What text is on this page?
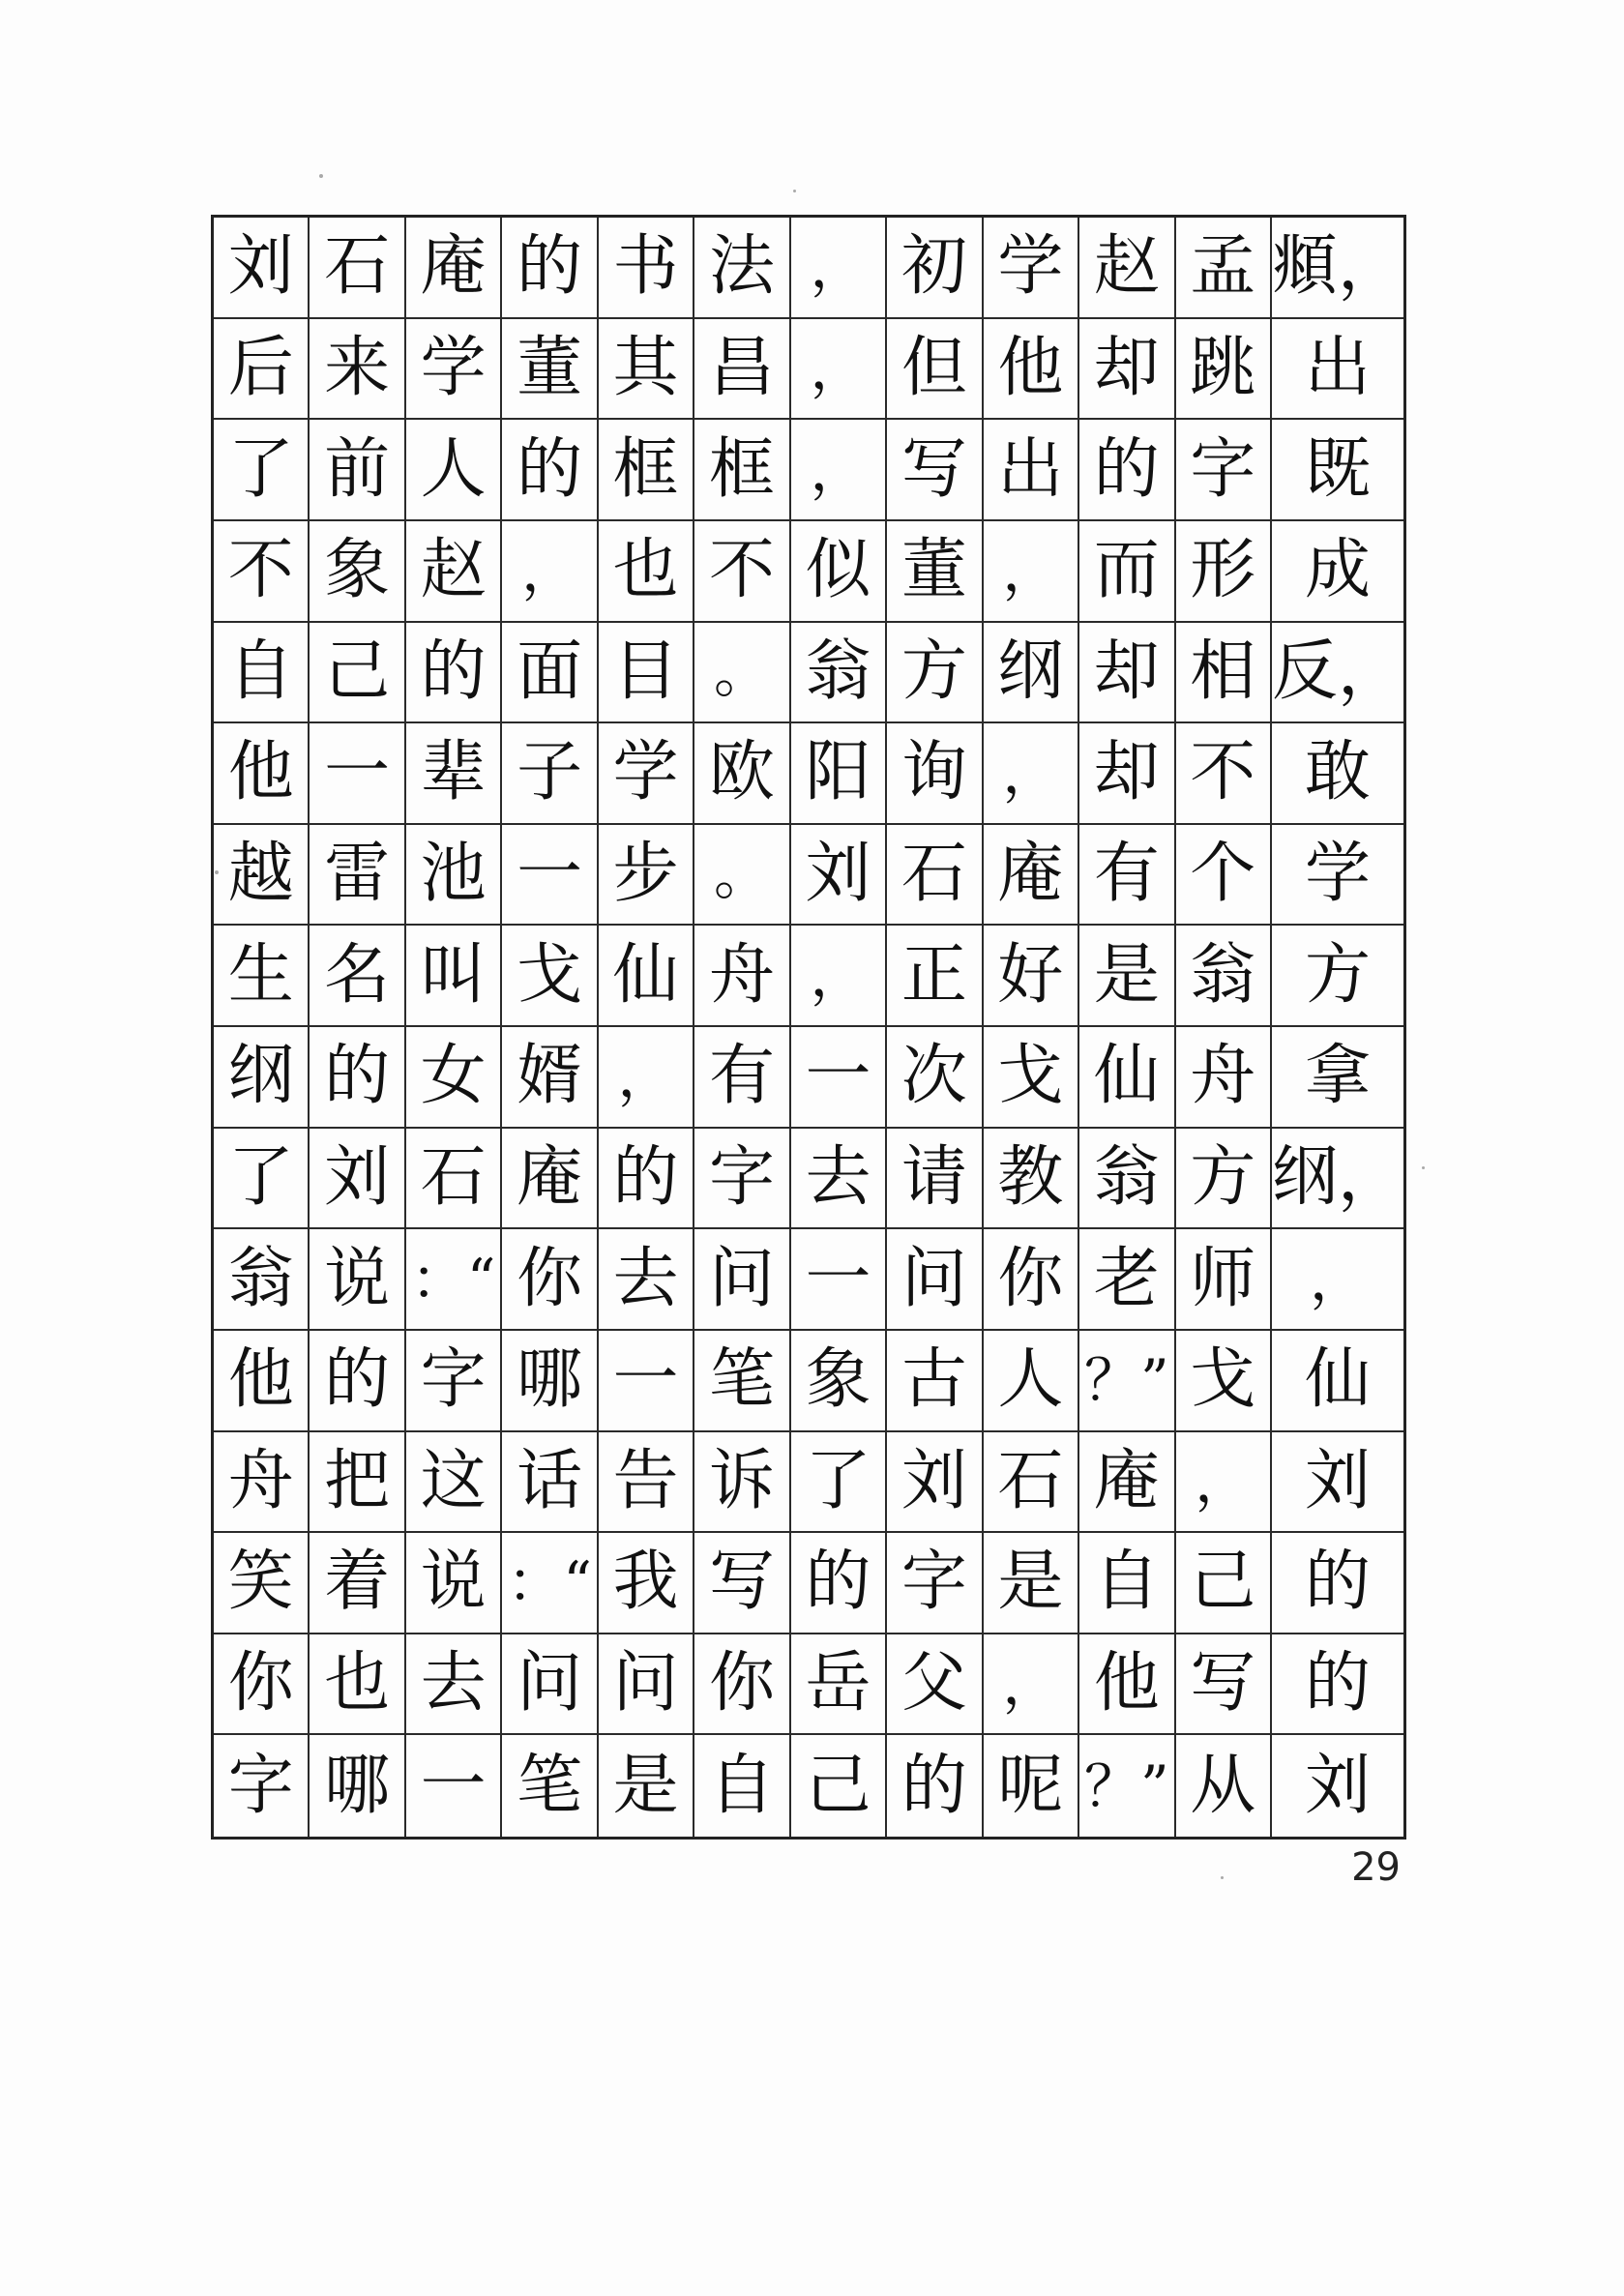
刘 石 庵 的 书 法 ， 初 学 赵 孟 頫，
后 来 学 董 其 昌 ， 但 他 却 跳 出
了 前 人 的 框 框 ， 写 出 的 字 既
不 象 赵 ， 也 不 似 董 ， 而 形 成
自 己 的 面 目 。 翁 方 纲 却 相 反，
他 一 辈 子 学 欧 阳 询 ， 却 不 敢
越 雷 池 一 步 。 刘 石 庵 有 个 学
生 名 叫 戈 仙 舟 ， 正 好 是 翁 方
纲 的 女 婿 ， 有 一 次 戈 仙 舟 拿
了 刘 石 庵 的 字 去 请 教 翁 方 纲，
翁 说 ：“ 你 去 问 一 问 你 老 师 ，
他 的 字 哪 一 笔 象 古 人 ？” 戈 仙
舟 把 这 话 告 诉 了 刘 石 庵 ， 刘
笑 着 说 ：“ 我 写 的 字 是 自 己 的
你 也 去 问 问 你 岳 父 ， 他 写 的
字 哪 一 笔 是 自 己 的 呢 ？” 从 刘
29
